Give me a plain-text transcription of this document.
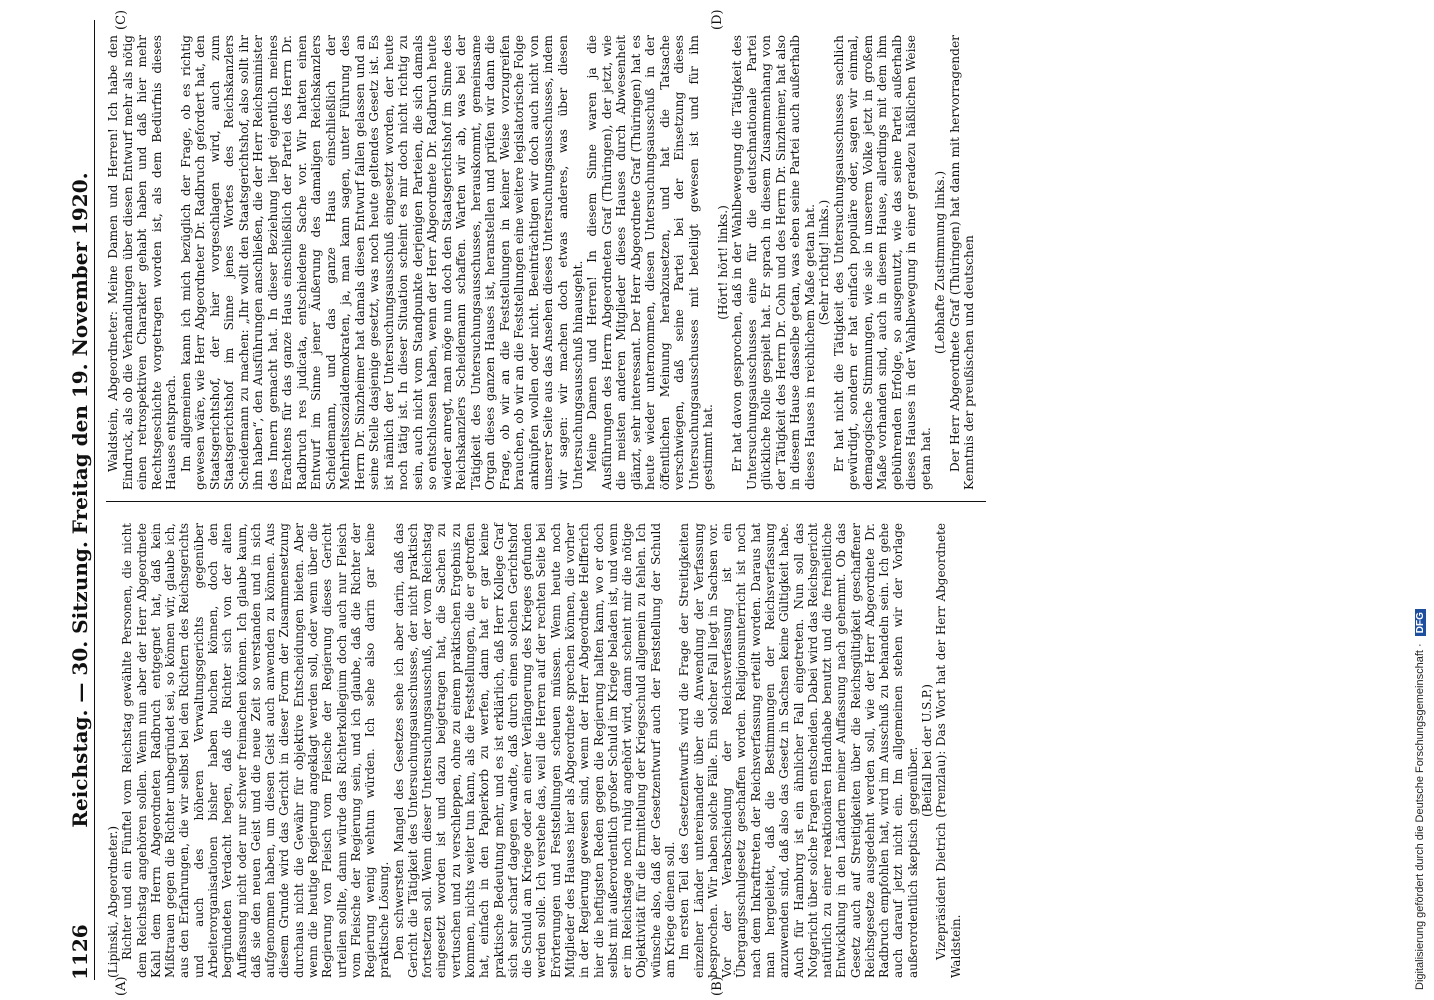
1126
Reichstag. — 30. Sitzung. Freitag den 19. November 1920.
(A)	(B)
(C)	(D)

(Lipinski, Abgeordneter.) Richter und ein Fünftel vom Reichstag gewählte Personen, die nicht dem Reichstag angehören sollen. Wenn nun aber der Herr Abgeordnete Kahl dem Herrn Abgeordneten Radbruch entgegnet hat, daß kein Mißtrauen gegen die Richter unbegründet sei, so können wir, glaube ich, aus den Erfahrungen, die wir selbst bei den Richtern des Reichsgerichts und auch des höheren Verwaltungsgerichts gegenüber Arbeiterorganisationen bisher haben buchen können, doch den begründeten Verdacht hegen, daß die Richter sich von der alten Auffassung nicht oder nur schwer freimachen können. Ich glaube kaum, daß sie den neuen Geist und die neue Zeit so verstanden und in sich aufgenommen haben, um diesen Geist auch anwenden zu können. Aus diesem Grunde wird das Gericht in dieser Form der Zusammensetzung durchaus nicht die Gewähr für objektive Entscheidungen bieten. Aber wenn die heutige Regierung angeklagt werden soll, oder wenn über die Regierung von Fleisch vom Fleische der Regierung dieses Gericht urteilen sollte, dann würde das Richterkollegium doch auch nur Fleisch vom Fleische der Regierung sein, und ich glaube, daß die Richter der Regierung wenig wehtun würden. Ich sehe also darin gar keine praktische Lösung. Den schwersten Mangel des Gesetzes sehe ich aber darin, daß das Gericht die Tätigkeit des Untersuchungsausschusses, der nicht praktisch fortsetzen soll. Wenn dieser Untersuchungsausschuß, der vom Reichstag eingesetzt worden ist und dazu beigetragen hat, die Sachen zu vertuschen und zu verschleppen, ohne zu einem praktischen Ergebnis zu kommen, nichts weiter tun kann, als die Feststellungen, die er getroffen hat, einfach in den Papierkorb zu werfen, dann hat er gar keine praktische Bedeutung mehr, und es ist erklärlich, daß Herr Kollege Graf sich sehr scharf dagegen wandte, daß durch einen solchen Gerichtshof die Schuld am Kriege oder an einer Verlängerung des Krieges gefunden werden solle. Ich verstehe das, weil die Herren auf der rechten Seite bei Erörterungen und Feststellungen scheuen müssen. Wenn heute noch Mitglieder des Hauses hier als Abgeordnete sprechen können, die vorher in der Regierung gewesen sind, wenn der Herr Abgeordnete Helfferich hier die heftigsten Reden gegen die Regierung halten kann, wo er doch selbst mit außerordentlich großer Schuld im Kriege beladen ist, und wenn er im Reichstage noch ruhig angehört wird, dann scheint mir die nötige Objektivität für die Ermittelung der Kriegsschuld allgemein zu fehlen. Ich wünsche also, daß der Gesetzentwurf auch der Feststellung der Schuld am Kriege dienen soll. Im ersten Teil des Gesetzentwurfs wird die Frage der Streitigkeiten einzelner Länder untereinander über die Anwendung der Verfassung besprochen. Wir haben solche Fälle. Ein solcher Fall liegt in Sachsen vor. Vor der Verabschiedung der Reichsverfassung ist ein Übergangsschulgesetz geschaffen worden. Religionsunterricht ist noch nach dem Inkrafttreten der Reichsverfassung erteilt worden. Daraus hat man hergeleitet, daß die Bestimmungen der Reichsverfassung anzuwenden sind, daß also das Gesetz in Sachsen keine Gültigkeit habe. Auch für Hamburg ist ein ähnlicher Fall eingetreten. Nun soll das Notgericht über solche Fragen entscheiden. Dabei wird das Reichsgericht natürlich zu einer reaktionären Handhabe benutzt und die freiheitliche Entwicklung in den Ländern meiner Auffassung nach gehemmt. Ob das Gesetz auch auf Streitigkeiten über die Reichsgültigkeit geschaffener Reichsgesetze ausgedehnt werden soll, wie der Herr Abgeordnete Dr. Radbruch empfohlen hat, wird im Ausschuß zu behandeln sein. Ich gehe auch darauf jetzt nicht ein. Im allgemeinen stehen wir der Vorlage außerordentlich skeptisch gegenüber. (Beifall bei der U.S.P.) Vizepräsident Dietrich (Prenzlau): Das Wort hat der Herr Abgeordnete Waldstein.

Waldstein, Abgeordneter: Meine Damen und Herren! Ich habe den Eindruck, als ob die Verhandlungen über diesen Entwurf mehr als nötig einen retrospektiven Charakter gehabt haben und daß hier mehr Rechtsgeschichte vorgetragen worden ist, als dem Bedürfnis dieses Hauses entsprach. Im allgemeinen kann ich mich bezüglich der Frage, ob es richtig gewesen wäre, wie Herr Abgeordneter Dr. Radbruch gefordert hat, den Staatsgerichtshof, der hier vorgeschlagen wird, auch zum Staatsgerichtshof im Sinne jenes Wortes des Reichskanzlers Scheidemann zu machen: „Ihr wollt den Staatsgerichtshof, also sollt ihr ihn haben“, den Ausführungen anschließen, die der Herr Reichsminister des Innern gemacht hat. In dieser Beziehung liegt eigentlich meines Erachtens für das ganze Haus einschließlich der Partei des Herrn Dr. Radbruch res judicata, entschiedene Sache vor. Wir hatten einen Entwurf im Sinne jener Äußerung des damaligen Reichskanzlers Scheidemann, und das ganze Haus einschließlich der Mehrheitssozialdemokraten, ja, man kann sagen, unter Führung des Herrn Dr. Sinzheimer hat damals diesen Entwurf fallen gelassen und an seine Stelle dasjenige gesetzt, was noch heute geltendes Gesetz ist. Es ist nämlich der Untersuchungsausschuß eingesetzt worden, der heute noch tätig ist. In dieser Situation scheint es mir doch nicht richtig zu sein, auch nicht vom Standpunkte derjenigen Parteien, die sich damals so entschlossen haben, wenn der Herr Abgeordnete Dr. Radbruch heute wieder anregt, man möge nun doch den Staatsgerichtshof im Sinne des Reichskanzlers Scheidemann schaffen. Warten wir ab, was bei der Tätigkeit des Untersuchungsausschusses, herauskommt, gemeinsame Organ dieses ganzen Hauses ist, heranstellen und prüfen wir dann die Frage, ob wir an die Feststellungen in keiner Weise vorzugreifen brauchen, ob wir an die Feststellungen eine weitere legislatorische Folge anknüpfen wollen oder nicht. Beeinträchtigen wir doch auch nicht von unserer Seite aus das Ansehen dieses Untersuchungsausschusses, indem wir sagen: wir machen doch etwas anderes, was über diesen Untersuchungsausschuß hinausgeht. Meine Damen und Herren! In diesem Sinne waren ja die Ausführungen des Herrn Abgeordneten Graf (Thüringen), der jetzt, wie die meisten anderen Mitglieder dieses Hauses durch Abwesenheit glänzt, sehr interessant. Der Herr Abgeordnete Graf (Thüringen) hat es heute wieder unternommen, diesen Untersuchungsausschuß in der öffentlichen Meinung herabzusetzen, und hat die Tatsache verschwiegen, daß seine Partei bei der Einsetzung dieses Untersuchungsausschusses mit beteiligt gewesen ist und für ihn gestimmt hat.

(Hört! hört! links.) Er hat davon gesprochen, daß in der Wahlbewegung die Tätigkeit des Untersuchungsausschusses eine für die deutschnationale Partei glückliche Rolle gespielt hat. Er sprach in diesem Zusammenhang von der Tätigkeit des Herrn Dr. Cohn und des Herrn Dr. Sinzheimer, hat also in diesem Hause dasselbe getan, was eben seine Partei auch außerhalb dieses Hauses in reichlichem Maße getan hat. (Sehr richtig! links.) Er hat nicht die Tätigkeit des Untersuchungsausschusses sachlich gewürdigt, sondern er hat einfach populäre oder, sagen wir einmal, demagogische Stimmungen, wie sie in unserem Volke jetzt in großem Maße vorhanden sind, auch in diesem Hause, allerdings mit dem ihm gebührenden Erfolge, so ausgenutzt, wie das seine Partei außerhalb dieses Hauses in der Wahlbewegung in einer geradezu häßlichen Weise getan hat.

(Lebhafte Zustimmung links.) Der Herr Abgeordnete Graf (Thüringen) hat dann mit hervorragender Kenntnis der preußischen und deutschen

Digitalisierung gefördert durch die Deutsche Forschungsgemeinschaft · DFG
